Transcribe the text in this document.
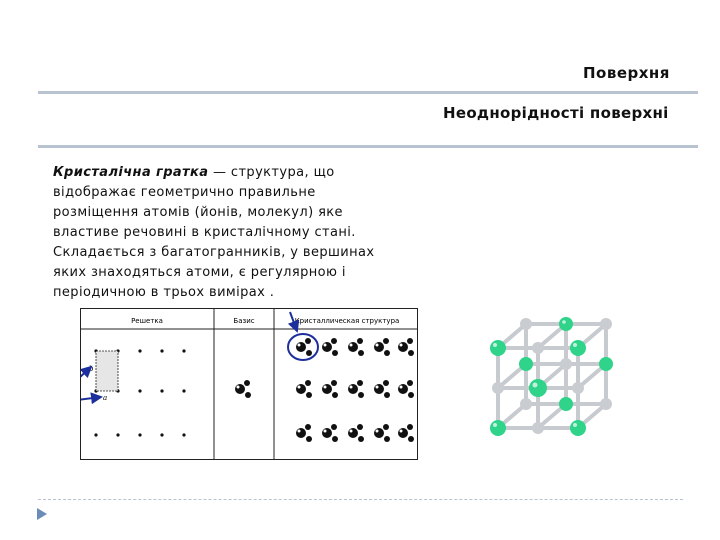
Поверхня
Неоднорідності поверхні
Кристалічна гратка — структура, що відображає геометрично правильне розміщення атомів (йонів, молекул) яке властиве речовині в кристалічному стані. Складається з багатогранників, у вершинах яких знаходяться атоми, є регулярною і періодичною в трьох вимірах .
Решетка	Базис	Кристаллическая структура
b
a
